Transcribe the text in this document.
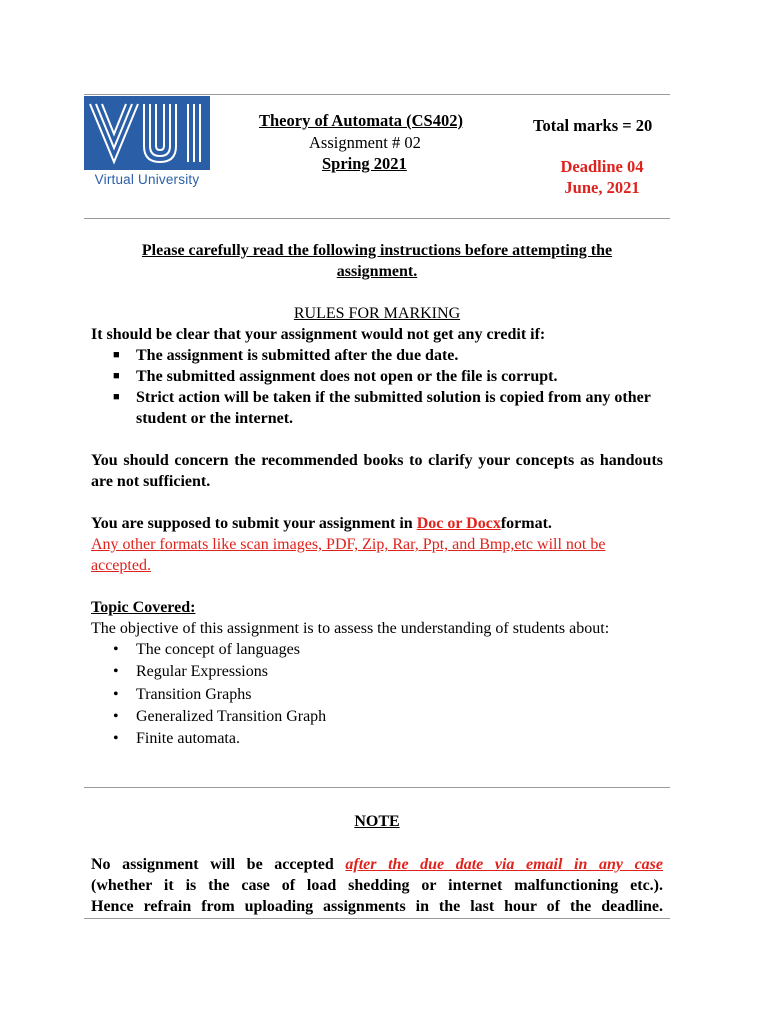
Virtual University
Theory of Automata (CS402)
Assignment # 02
Spring 2021
Total marks = 20
Deadline 04
June, 2021

Please carefully read the following instructions before attempting the assignment.

RULES FOR MARKING

It should be clear that your assignment would not get any credit if:

■ The assignment is submitted after the due date.
■ The submitted assignment does not open or the file is corrupt.
■ Strict action will be taken if the submitted solution is copied from any other student or the internet.

You should concern the recommended books to clarify your concepts as handouts are not sufficient.

You are supposed to submit your assignment in Doc or Docxformat.

Any other formats like scan images, PDF, Zip, Rar, Ppt, and Bmp,etc will not be accepted.

Topic Covered:

The objective of this assignment is to assess the understanding of students about:

• The concept of languages
• Regular Expressions
• Transition Graphs
• Generalized Transition Graph
• Finite automata.

NOTE

No assignment will be accepted after the due date via email in any case

(whether it is the case of load shedding or internet malfunctioning etc.).

Hence refrain from uploading assignments in the last hour of the deadline.
